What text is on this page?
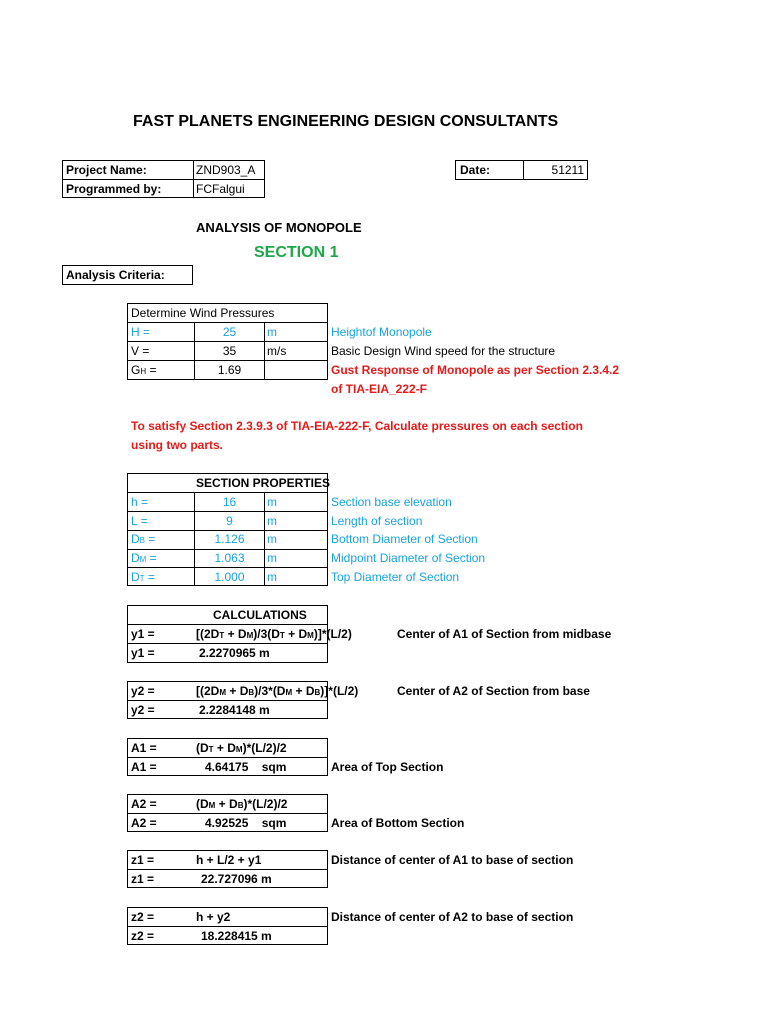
FAST PLANETS ENGINEERING DESIGN CONSULTANTS
Project Name:	ZND903_A
Programmed by:	FCFalgui
Date:	51211
ANALYSIS OF MONOPOLE
SECTION 1
Analysis Criteria:
Determine Wind Pressures
H =	25	m	Heightof Monopole
V =	35	m/s	Basic Design Wind speed for the structure
GH =	1.69	Gust Response of Monopole as per Section 2.3.4.2
of TIA-EIA_222-F
To satisfy Section 2.3.9.3 of TIA-EIA-222-F, Calculate pressures on each section
using two parts.
SECTION PROPERTIES
h =	16	m	Section base elevation
L =	9	m	Length of section
DB =	1.126	m	Bottom Diameter of Section
DM =	1.063	m	Midpoint Diameter of Section
DT =	1.000	m	Top Diameter of Section
CALCULATIONS
y1 =	[(2DT + DM)/3(DT + DM)]*(L/2)	Center of A1 of Section from midbase
y1 =	2.2270965 m
y2 =	[(2DM + DB)/3*(DM + DB)]*(L/2)	Center of A2 of Section from base
y2 =	2.2284148 m
A1 =	(DT + DM)*(L/2)/2
A1 =	4.64175    sqm	Area of Top Section
A2 =	(DM + DB)*(L/2)/2
A2 =	4.92525    sqm	Area of Bottom Section
z1 =	h + L/2 + y1	Distance of center of A1 to base of section
z1 =	22.727096 m
z2 =	h + y2	Distance of center of A2 to base of section
z2 =	18.228415 m
